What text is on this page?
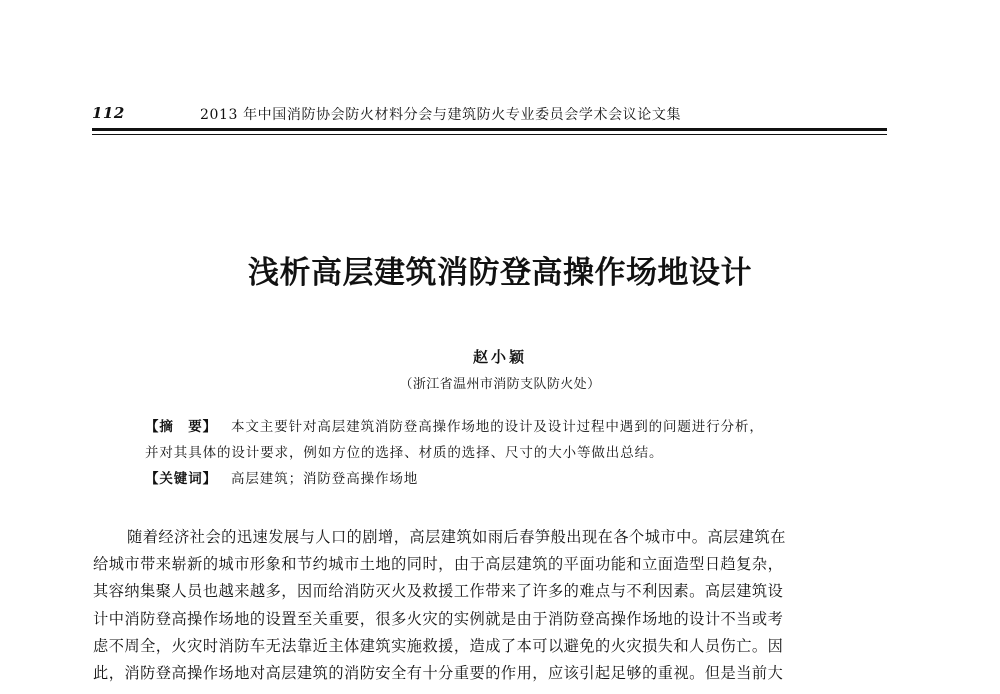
112	2013 年中国消防协会防火材料分会与建筑防火专业委员会学术会议论文集
浅析高层建筑消防登高操作场地设计
赵小颖
（浙江省温州市消防支队防火处）
【摘　要】 本文主要针对高层建筑消防登高操作场地的设计及设计过程中遇到的问题进行分析，
并对其具体的设计要求，例如方位的选择、材质的选择、尺寸的大小等做出总结。
【关键词】 高层建筑；消防登高操作场地
随着经济社会的迅速发展与人口的剧增，高层建筑如雨后春笋般出现在各个城市中。高层建筑在
给城市带来崭新的城市形象和节约城市土地的同时，由于高层建筑的平面功能和立面造型日趋复杂，
其容纳集聚人员也越来越多，因而给消防灭火及救援工作带来了许多的难点与不利因素。高层建筑设
计中消防登高操作场地的设置至关重要，很多火灾的实例就是由于消防登高操作场地的设计不当或考
虑不周全，火灾时消防车无法靠近主体建筑实施救援，造成了本可以避免的火灾损失和人员伤亡。因
此，消防登高操作场地对高层建筑的消防安全有十分重要的作用，应该引起足够的重视。但是当前大
